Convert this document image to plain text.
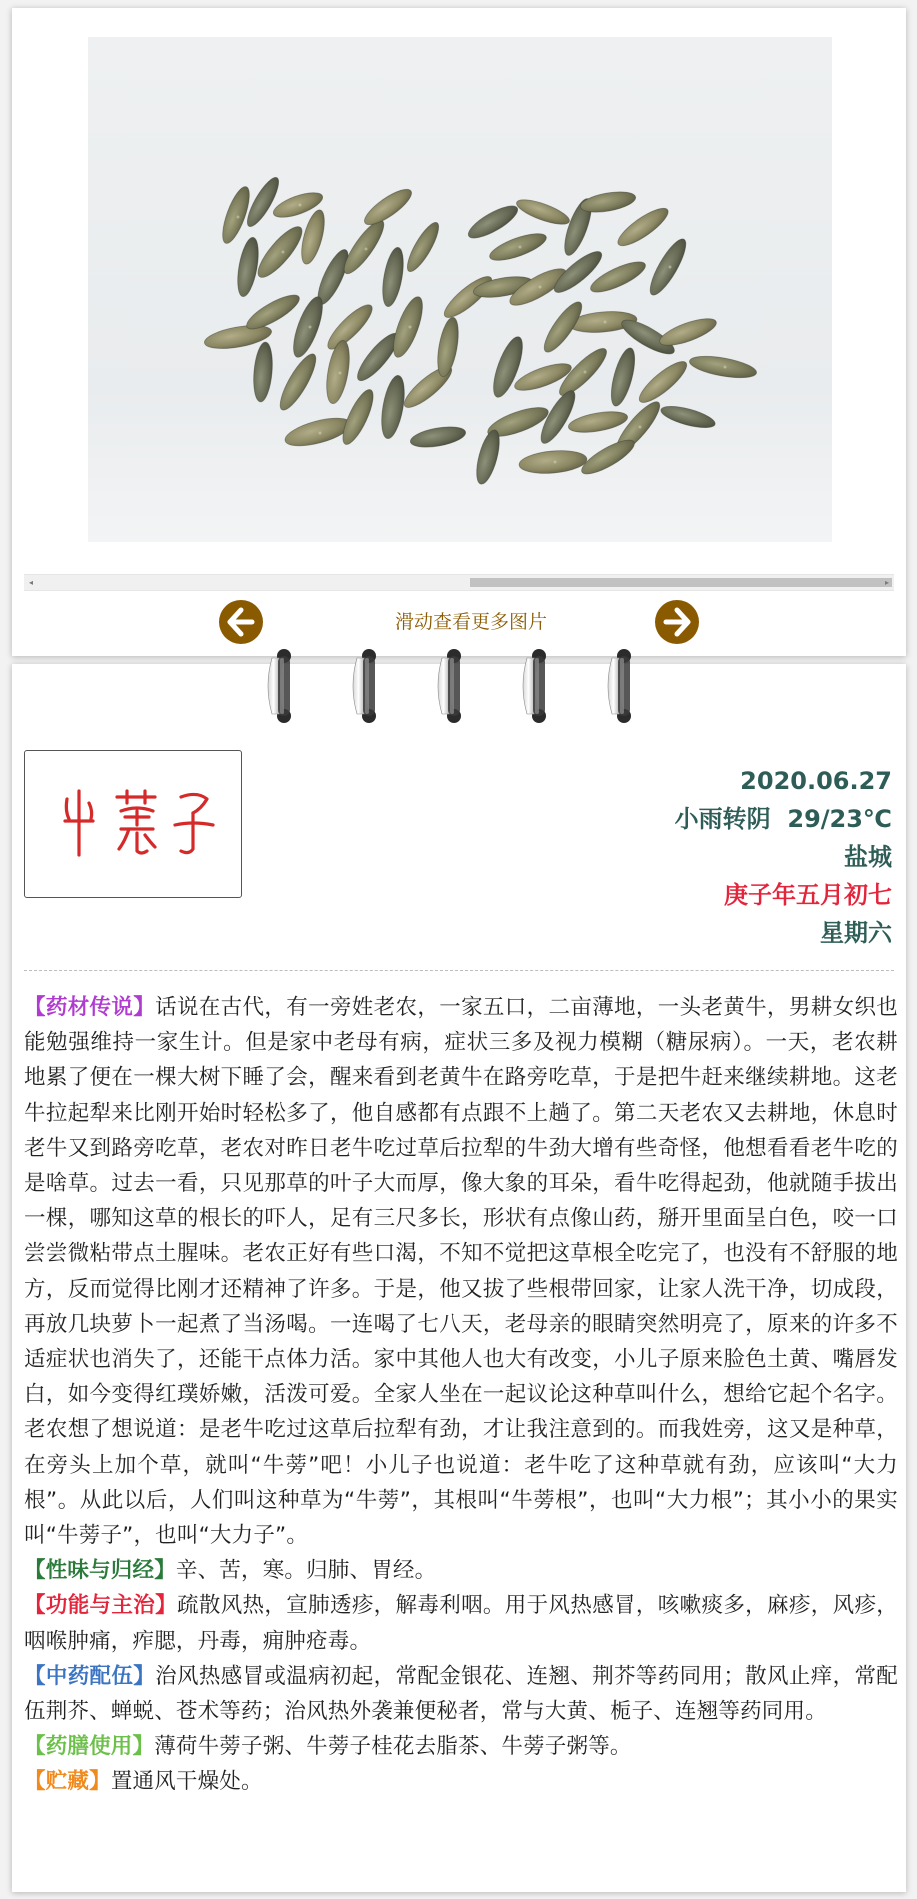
◂	▸
滑动查看更多图片
2020.06.27
小雨转阴  29/23℃
盐城
庚子年五月初七
星期六

【药材传说】话说在古代，有一旁姓老农，一家五口，二亩薄地，一头老黄牛，男耕女织也能勉强维持一家生计。但是家中老母有病，症状三多及视力模糊（糖尿病）。一天，老农耕地累了便在一棵大树下睡了会，醒来看到老黄牛在路旁吃草，于是把牛赶来继续耕地。这老牛拉起犁来比刚开始时轻松多了，他自感都有点跟不上趟了。第二天老农又去耕地，休息时老牛又到路旁吃草，老农对昨日老牛吃过草后拉犁的牛劲大增有些奇怪，他想看看老牛吃的是啥草。过去一看，只见那草的叶子大而厚，像大象的耳朵，看牛吃得起劲，他就随手拔出一棵，哪知这草的根长的吓人，足有三尺多长，形状有点像山药，掰开里面呈白色，咬一口尝尝微粘带点土腥味。老农正好有些口渴，不知不觉把这草根全吃完了，也没有不舒服的地方，反而觉得比刚才还精神了许多。于是，他又拔了些根带回家，让家人洗干净，切成段，再放几块萝卜一起煮了当汤喝。一连喝了七八天，老母亲的眼睛突然明亮了，原来的许多不适症状也消失了，还能干点体力活。家中其他人也大有改变，小儿子原来脸色土黄、嘴唇发白，如今变得红璞娇嫩，活泼可爱。全家人坐在一起议论这种草叫什么，想给它起个名字。老农想了想说道：是老牛吃过这草后拉犁有劲，才让我注意到的。而我姓旁，这又是种草，在旁头上加个草，就叫“牛蒡”吧！小儿子也说道：老牛吃了这种草就有劲，应该叫“大力根”。从此以后，人们叫这种草为“牛蒡”，其根叫“牛蒡根”，也叫“大力根”；其小小的果实叫“牛蒡子”，也叫“大力子”。

【性味与归经】辛、苦，寒。归肺、胃经。

【功能与主治】疏散风热，宣肺透疹，解毒利咽。用于风热感冒，咳嗽痰多，麻疹，风疹，咽喉肿痛，痄腮，丹毒，痈肿疮毒。

【中药配伍】治风热感冒或温病初起，常配金银花、连翘、荆芥等药同用；散风止痒，常配伍荆芥、蝉蜕、苍术等药；治风热外袭兼便秘者，常与大黄、栀子、连翘等药同用。

【药膳使用】薄荷牛蒡子粥、牛蒡子桂花去脂茶、牛蒡子粥等。

【贮藏】置通风干燥处。
